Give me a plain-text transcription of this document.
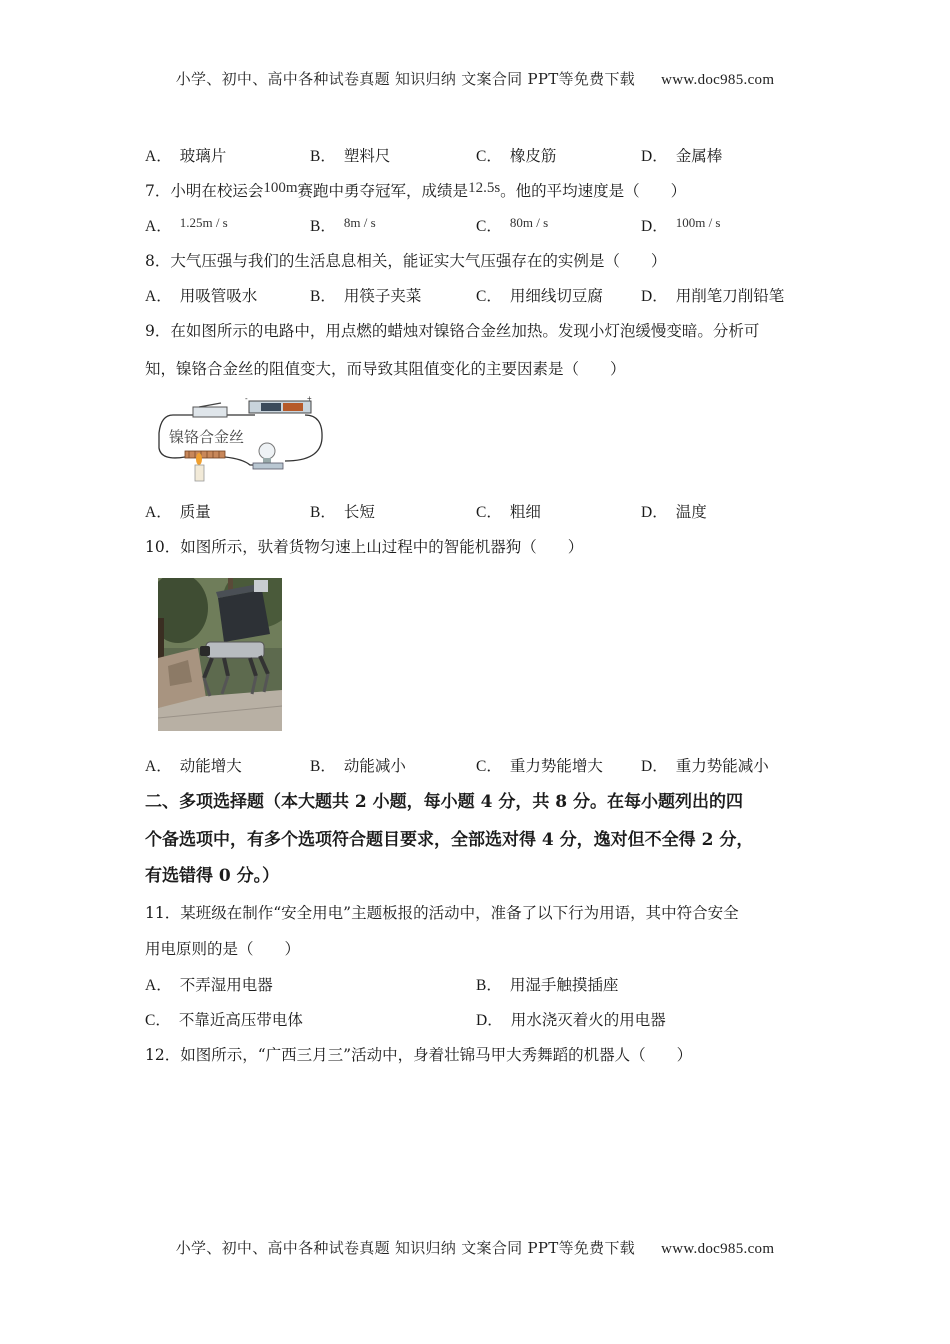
小学、初中、高中各种试卷真题 知识归纳 文案合同 PPT等免费下载 www.doc985.com
A． 玻璃片	B． 塑料尺	C． 橡皮筋	D． 金属棒
7．小明在校运会100m赛跑中勇夺冠军，成绩是12.5s。他的平均速度是（　　）
A． $^{1.25m / s}$	B． $^{8m / s}$	C． $^{80m / s}$	D． $^{100m / s}$
8．大气压强与我们的生活息息相关，能证实大气压强存在的实例是（　　）
A． 用吸管吸水	B． 用筷子夹菜	C． 用细线切豆腐 D． 用削笔刀削铅笔
9．在如图所示的电路中，用点燃的蜡烛对镍铬合金丝加热。发现小灯泡缓慢变暗。分析可
知，镍铬合金丝的阻值变大，而导致其阻值变化的主要因素是（　　）
-	+
镍铬合金丝
A． 质量	B． 长短	C． 粗细	D． 温度
10．如图所示，驮着货物匀速上山过程中的智能机器狗（　　）
A． 动能增大	B． 动能减小	C． 重力势能增大 D． 重力势能减小
二、多项选择题（本大题共 2 小题，每小题 4 分，共 8 分。在每小题列出的四
个备选项中，有多个选项符合题目要求，全部选对得 4 分，逸对但不全得 2 分，
有选错得 0 分。）
11．某班级在制作“安全用电”主题板报的活动中，准备了以下行为用语，其中符合安全
用电原则的是（　　）
A． 不弄湿用电器	B． 用湿手触摸插座
C． 不靠近高压带电体	D． 用水浇灭着火的用电器
12．如图所示，“广西三月三”活动中，身着壮锦马甲大秀舞蹈的机器人（　　）
小学、初中、高中各种试卷真题 知识归纳 文案合同 PPT等免费下载 www.doc985.com
